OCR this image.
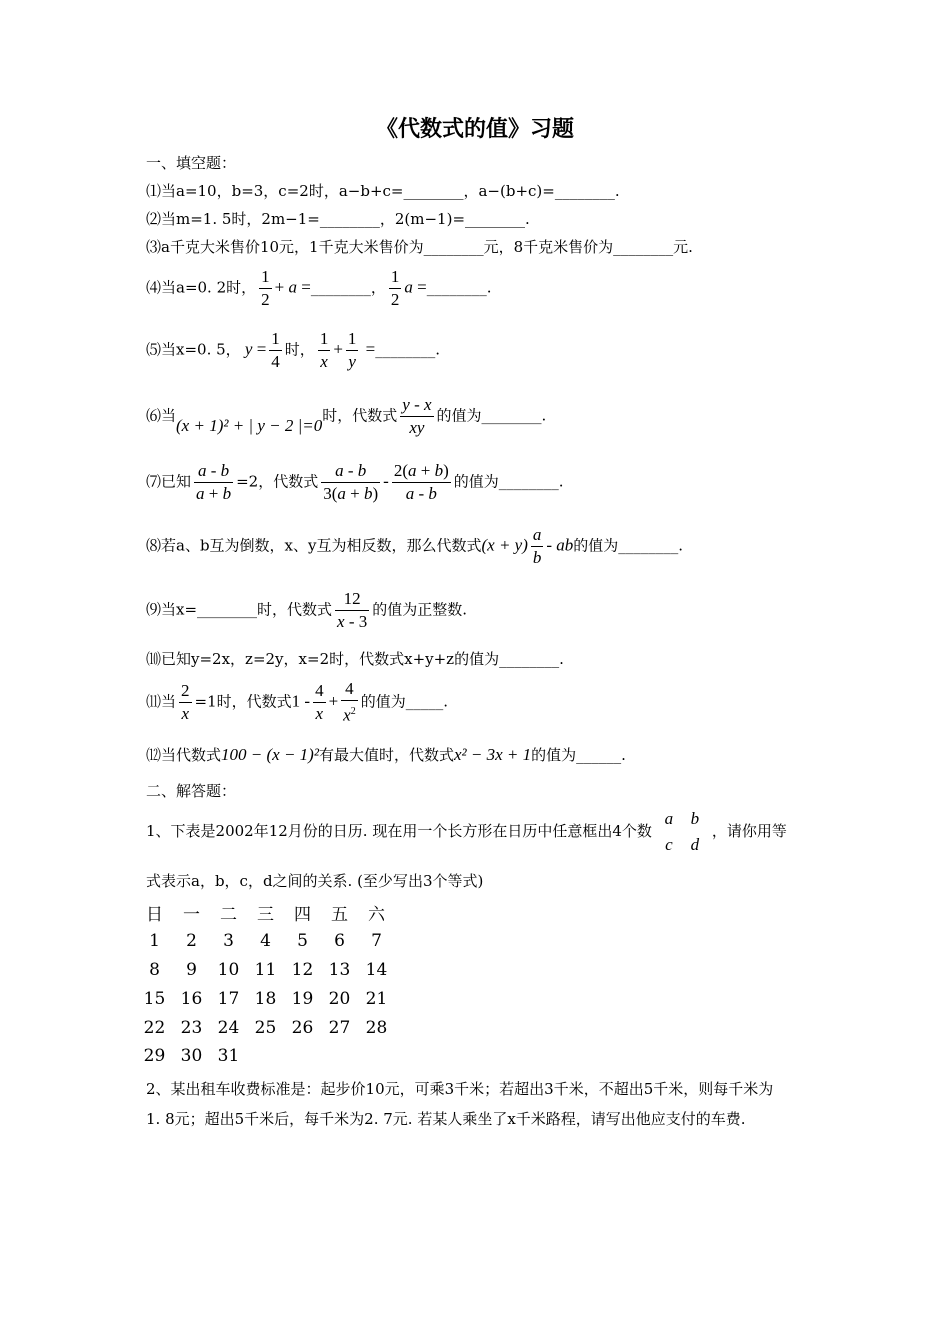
《代数式的值》习题
一、填空题：
⑴当a=10，b=3，c=2时，a−b+c=________，a−(b+c)=________.
⑵当m=1. 5时，2m−1=________，2(m−1)=________.
⑶a千克大米售价10元，1千克大米售价为________元，8千克米售价为________元.
⑷当a=0. 2时， $\frac{1}{2} + a$ =________， $\frac{1}{2}$ a =________.
⑸当x=0. 5， $y = \frac{1}{4}$ 时， $\frac{1}{x} + \frac{1}{y}$ =________.
⑹当(x + 1)² + | y − 2 |=0时，代数式 $\frac{y - x}{xy}$ 的值为________.
⑺已知 $\frac{a - b}{a + b} =2$，代数式 $\frac{a - b}{3(a + b)} - \frac{2(a + b)}{a - b}$ 的值为________.
⑻若a、b互为倒数，x、y互为相反数，那么代数式$(x + y) \frac{a}{b}$ - ab的值为________.
⑼当x=________时，代数式 $\frac{12}{x - 3}$ 的值为正整数.
⑽已知y=2x，z=2y，x=2时，代数式x+y+z的值为________.
⑾当 $\frac{2}{x} =1$时，代数式$1 - \frac{4}{x} + \frac{4}{x^2}$ 的值为_____.
⑿当代数式100 − (x − 1)²有最大值时，代数式x² − 3x + 1的值为______.
二、解答题：
1、下表是2002年12月份的日历. 现在用一个长方形在日历中任意框出4个数a b
c d，请你用等
式表示a，b，c，d之间的关系. (至少写出3个等式)
日	一	二	三	四	五	六
1	2	3	4	5	6	7
8	9	10	11	12	13	14
15	16	17	18	19	20	21
22	23	24	25	26	27	28
29	30	31				
2、某出租车收费标准是：起步价10元，可乘3千米；若超出3千米，不超出5千米，则每千米为
1. 8元；超出5千米后，每千米为2. 7元. 若某人乘坐了x千米路程，请写出他应支付的车费.
